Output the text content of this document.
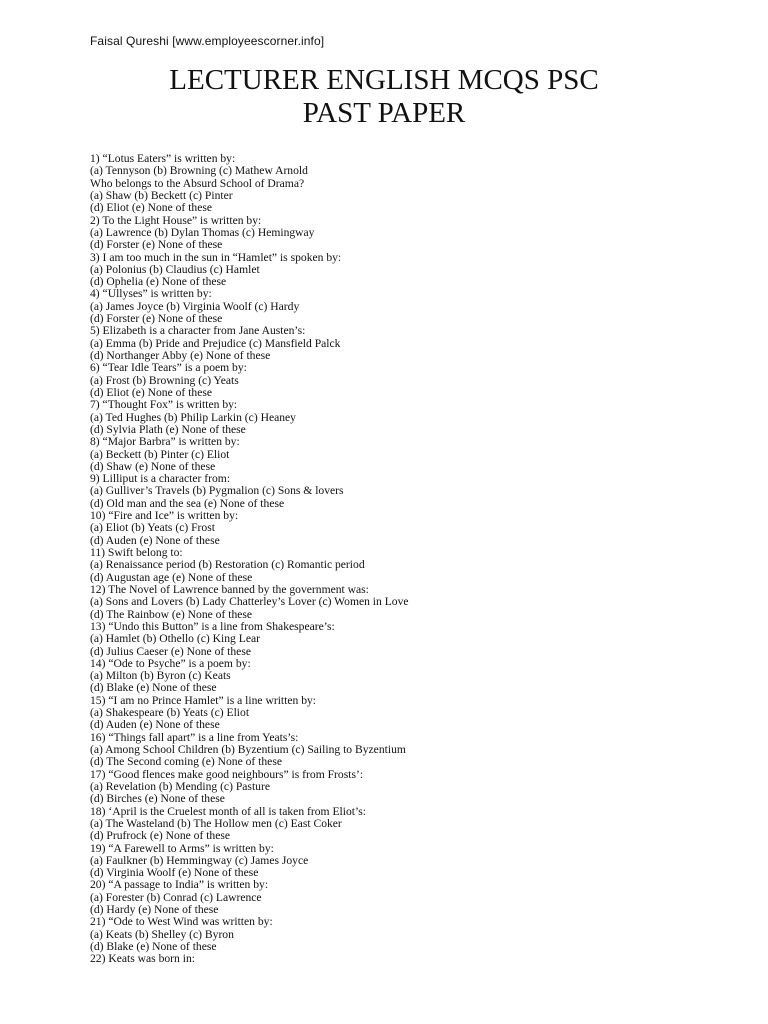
Faisal Qureshi [www.employeescorner.info]
LECTURER ENGLISH MCQS PSC
PAST PAPER
1) “Lotus Eaters” is written by:
(a) Tennyson (b) Browning (c) Mathew Arnold
Who belongs to the Absurd School of Drama?
(a) Shaw (b) Beckett (c) Pinter
(d) Eliot (e) None of these
2) To the Light House” is written by:
(a) Lawrence (b) Dylan Thomas (c) Hemingway
(d) Forster (e) None of these
3) I am too much in the sun in “Hamlet” is spoken by:
(a) Polonius (b) Claudius (c) Hamlet
(d) Ophelia (e) None of these
4) “Ullyses” is written by:
(a) James Joyce (b) Virginia Woolf (c) Hardy
(d) Forster (e) None of these
5) Elizabeth is a character from Jane Austen’s:
(a) Emma (b) Pride and Prejudice (c) Mansfield Palck
(d) Northanger Abby (e) None of these
6) “Tear Idle Tears” is a poem by:
(a) Frost (b) Browning (c) Yeats
(d) Eliot (e) None of these
7) “Thought Fox” is written by:
(a) Ted Hughes (b) Philip Larkin (c) Heaney
(d) Sylvia Plath (e) None of these
8) “Major Barbra” is written by:
(a) Beckett (b) Pinter (c) Eliot
(d) Shaw (e) None of these
9) Lilliput is a character from:
(a) Gulliver’s Travels (b) Pygmalion (c) Sons & lovers
(d) Old man and the sea (e) None of these
10) “Fire and Ice” is written by:
(a) Eliot (b) Yeats (c) Frost
(d) Auden (e) None of these
11) Swift belong to:
(a) Renaissance period (b) Restoration (c) Romantic period
(d) Augustan age (e) None of these
12) The Novel of Lawrence banned by the government was:
(a) Sons and Lovers (b) Lady Chatterley’s Lover (c) Women in Love
(d) The Rainbow (e) None of these
13) “Undo this Button” is a line from Shakespeare’s:
(a) Hamlet (b) Othello (c) King Lear
(d) Julius Caeser (e) None of these
14) “Ode to Psyche” is a poem by:
(a) Milton (b) Byron (c) Keats
(d) Blake (e) None of these
15) “I am no Prince Hamlet” is a line written by:
(a) Shakespeare (b) Yeats (c) Eliot
(d) Auden (e) None of these
16) “Things fall apart” is a line from Yeats’s:
(a) Among School Children (b) Byzentium (c) Sailing to Byzentium
(d) The Second coming (e) None of these
17) “Good flences make good neighbours” is from Frosts’:
(a) Revelation (b) Mending (c) Pasture
(d) Birches (e) None of these
18) ‘April is the Cruelest month of all is taken from Eliot’s:
(a) The Wasteland (b) The Hollow men (c) East Coker
(d) Prufrock (e) None of these
19) “A Farewell to Arms” is written by:
(a) Faulkner (b) Hemmingway (c) James Joyce
(d) Virginia Woolf (e) None of these
20) “A passage to India” is written by:
(a) Forester (b) Conrad (c) Lawrence
(d) Hardy (e) None of these
21) “Ode to West Wind was written by:
(a) Keats (b) Shelley (c) Byron
(d) Blake (e) None of these
22) Keats was born in:
